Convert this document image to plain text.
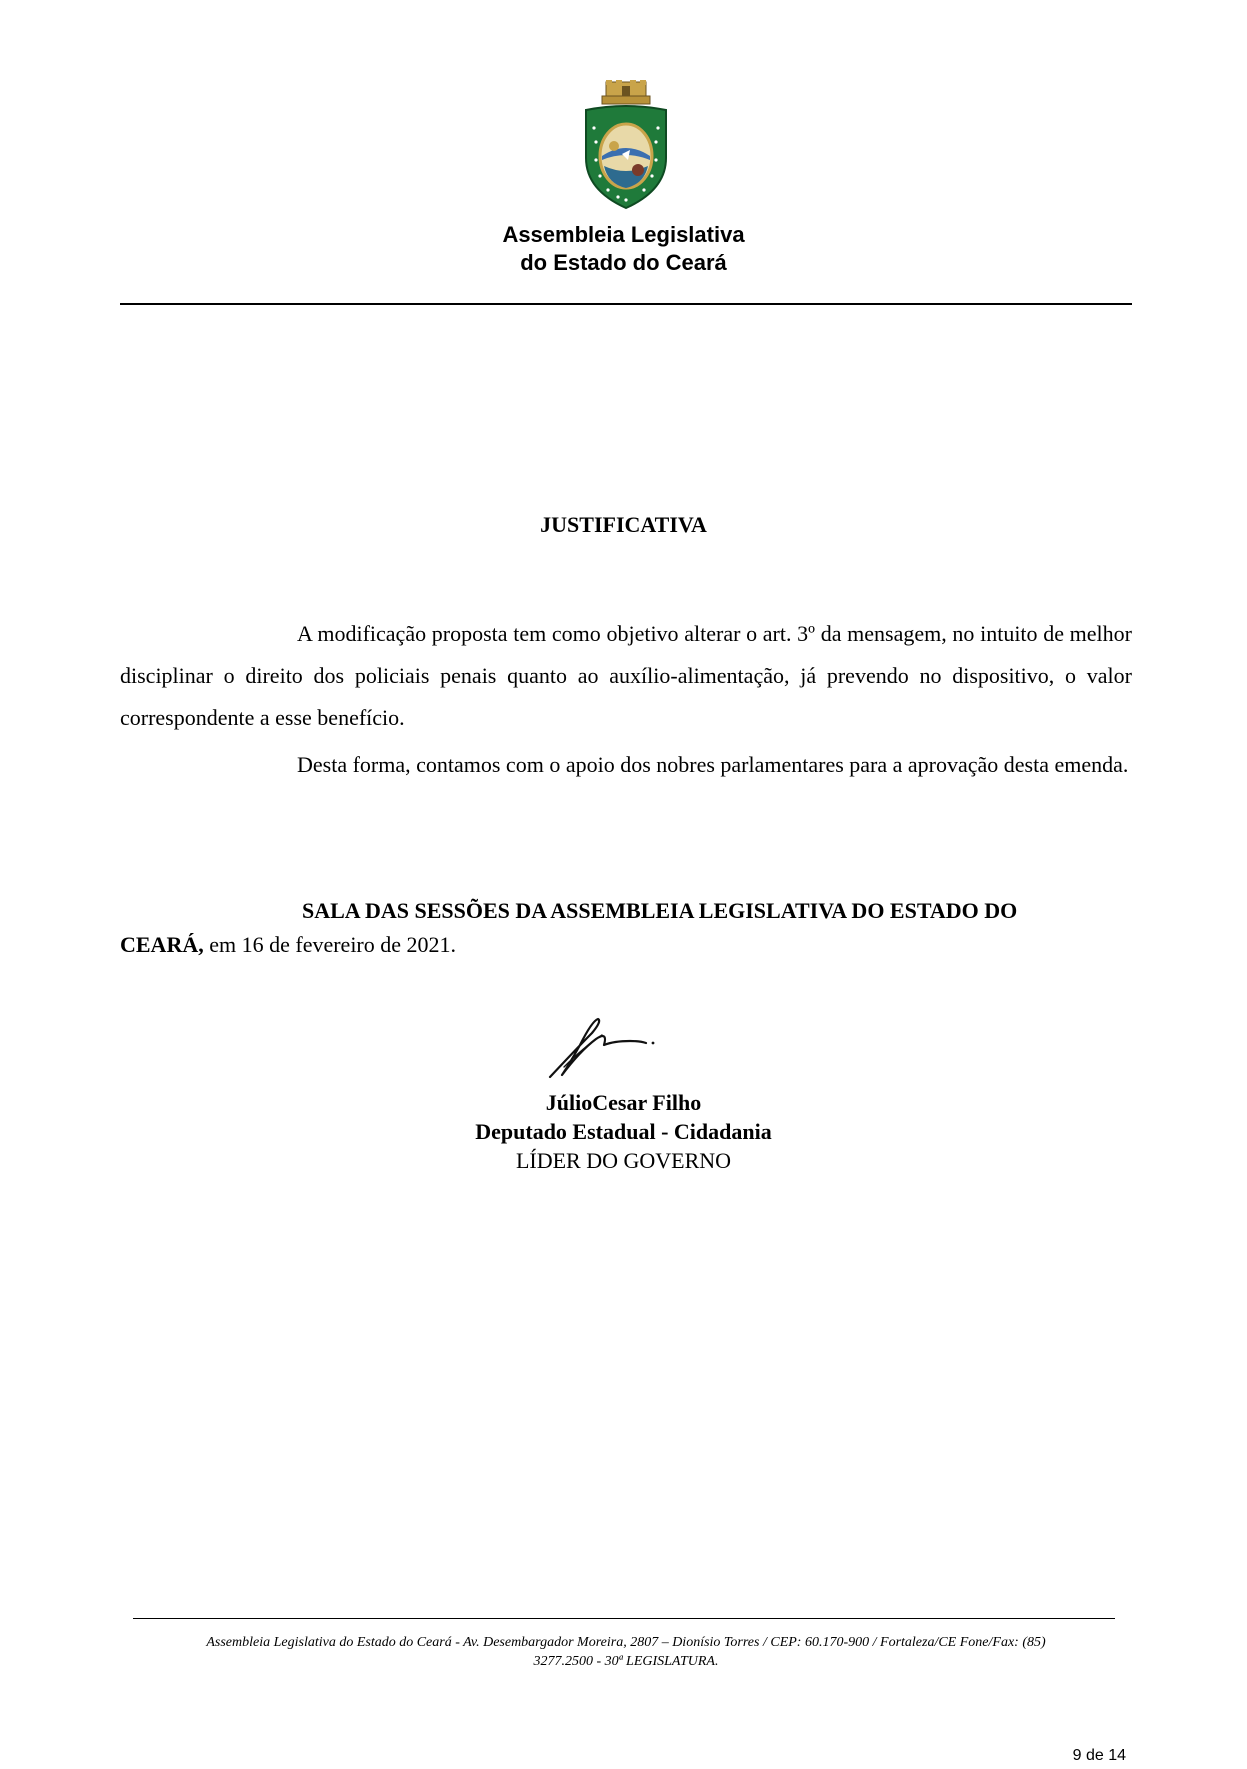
Assembleia Legislativa
do Estado do Ceará
JUSTIFICATIVA

A modificação proposta tem como objetivo alterar o art. 3º da mensagem, no intuito de melhor disciplinar o direito dos policiais penais quanto ao auxílio-alimentação, já prevendo no dispositivo, o valor correspondente a esse benefício.

Desta forma, contamos com o apoio dos nobres parlamentares para a aprovação desta emenda.

SALA DAS SESSÕES DA ASSEMBLEIA LEGISLATIVA DO ESTADO DO
CEARÁ, em 16 de fevereiro de 2021.
JúlioCesar Filho
Deputado Estadual - Cidadania
LÍDER DO GOVERNO
Assembleia Legislativa do Estado do Ceará - Av. Desembargador Moreira, 2807 – Dionísio Torres / CEP: 60.170-900 / Fortaleza/CE Fone/Fax: (85)
3277.2500 - 30ª LEGISLATURA.
9 de 14
